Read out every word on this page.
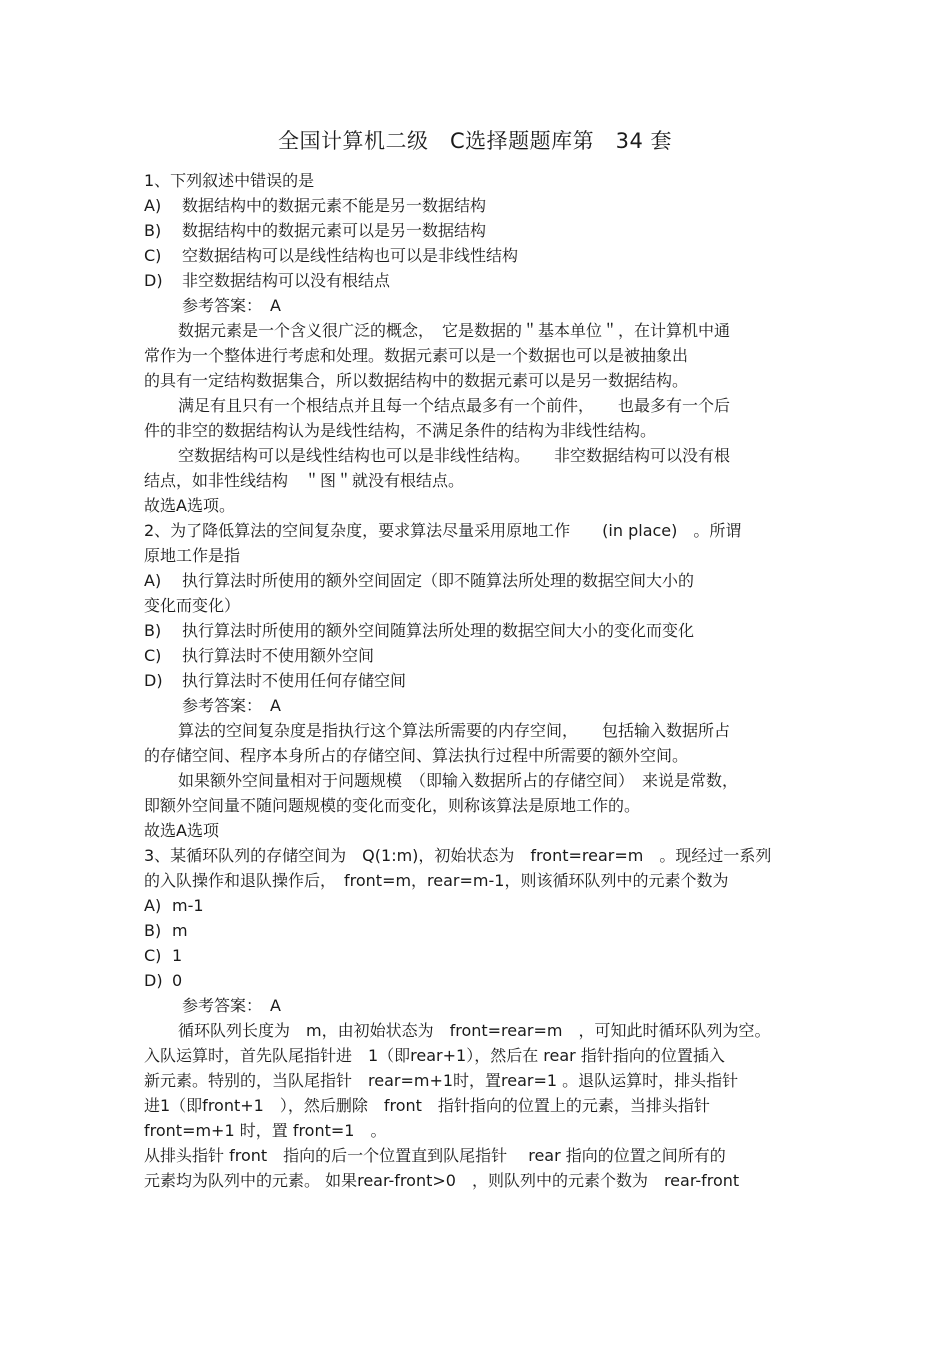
全国计算机二级　C选择题题库第　34 套
1、下列叙述中错误的是
A) 数据结构中的数据元素不能是另一数据结构
B) 数据结构中的数据元素可以是另一数据结构
C) 空数据结构可以是线性结构也可以是非线性结构
D) 非空数据结构可以没有根结点
参考答案：　A
数据元素是一个含义很广泛的概念，　它是数据的＂基本单位＂，在计算机中通
常作为一个整体进行考虑和处理。数据元素可以是一个数据也可以是被抽象出
的具有一定结构数据集合，所以数据结构中的数据元素可以是另一数据结构。
满足有且只有一个根结点并且每一个结点最多有一个前件，　　也最多有一个后
件的非空的数据结构认为是线性结构，不满足条件的结构为非线性结构。
空数据结构可以是线性结构也可以是非线性结构。　　非空数据结构可以没有根
结点，如非性线结构　＂图＂就没有根结点。
故选A选项。
2、为了降低算法的空间复杂度，要求算法尽量采用原地工作　　(in place)　。所谓
原地工作是指
A) 执行算法时所使用的额外空间固定（即不随算法所处理的数据空间大小的
变化而变化）
B) 执行算法时所使用的额外空间随算法所处理的数据空间大小的变化而变化
C) 执行算法时不使用额外空间
D) 执行算法时不使用任何存储空间
参考答案：　A
算法的空间复杂度是指执行这个算法所需要的内存空间，　　包括输入数据所占
的存储空间、程序本身所占的存储空间、算法执行过程中所需要的额外空间。
如果额外空间量相对于问题规模　（即输入数据所占的存储空间）　来说是常数，
即额外空间量不随问题规模的变化而变化，则称该算法是原地工作的。
故选A选项
3、某循环队列的存储空间为　Q(1:m)，初始状态为　front=rear=m　。现经过一系列
的入队操作和退队操作后，　front=m，rear=m-1，则该循环队列中的元素个数为
A) m-1
B) m
C) 1
D) 0
参考答案：　A
循环队列长度为　m，由初始状态为　front=rear=m　，可知此时循环队列为空。
入队运算时，首先队尾指针进　1（即rear+1），然后在 rear 指针指向的位置插入
新元素。特别的，当队尾指针　rear=m+1时，置rear=1 。退队运算时，排头指针
进1（即front+1　），然后删除　front　指针指向的位置上的元素，当排头指针
front=m+1 时，置 front=1　。
从排头指针 front　指向的后一个位置直到队尾指针　 rear 指向的位置之间所有的
元素均为队列中的元素。 如果rear-front>0　，则队列中的元素个数为　rear-front
